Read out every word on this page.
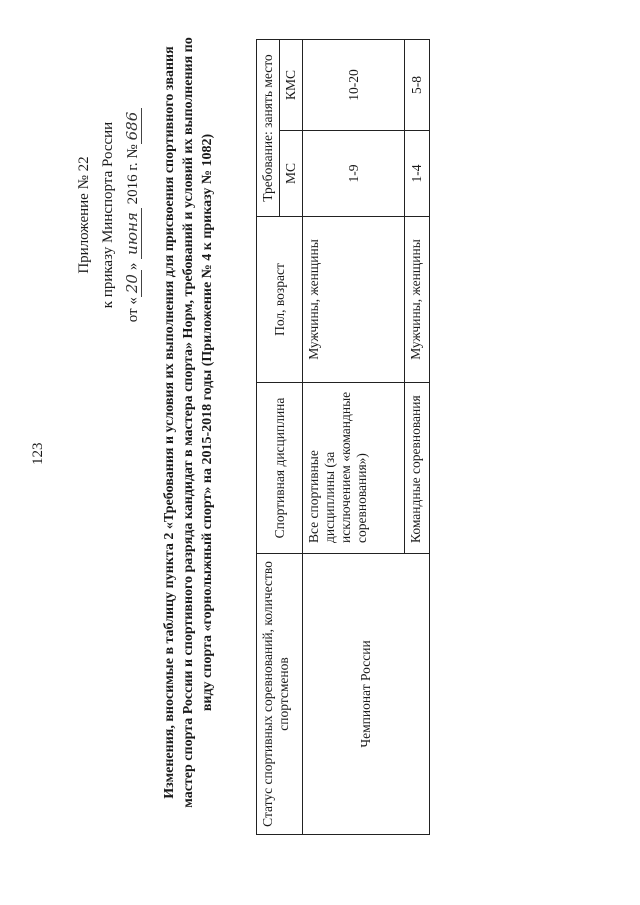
123
Приложение № 22 к приказу Минспорта России
от «20» июня 2016 г. №686 Изменения, вносимые в таблицу пункта 2 «Требования и условия их выполнения для присвоения спортивного звания мастер спорта России и спортивного разряда кандидат в мастера спорта» Норм, требований и условий их выполнения по виду спорта «горнолыжный спорт» на 2015-2018 годы (Приложение № 4 к приказу № 1082)	Статус спортивных соревнований, количество спортсменов	Спортивная дисциплина	Пол, возраст	Требование: занять место	
			МС	КМС
Чемпионат России	Все спортивные дисциплины (за исключением «командные соревнования»)	Мужчины, женщины	1-9	10-20
	Командные соревнования	Мужчины, женщины	1-4	5-8
